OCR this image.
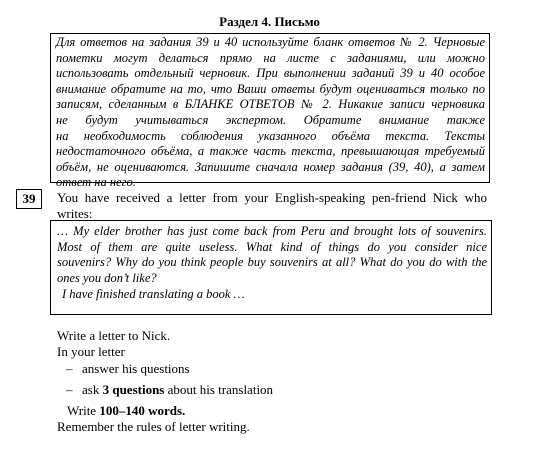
Раздел 4. Письмо
Для ответов на задания 39 и 40 используйте бланк ответов № 2. Черновые
пометки могут делаться прямо на листе с заданиями, или можно
использовать отдельный черновик. При выполнении заданий 39 и 40 особое
внимание обратите на то, что Ваши ответы будут оцениваться только по
записям, сделанным в БЛАНКЕ ОТВЕТОВ № 2. Никакие записи черновика
не будут учитываться экспертом. Обратите внимание также
на необходимость соблюдения указанного объёма текста. Тексты
недостаточного объёма, а также часть текста, превышающая требуемый
объём, не оцениваются. Запишите сначала номер задания (39, 40), а затем
ответ на него.
39	You have received a letter from your English-speaking pen-friend Nick who
writes:
… My elder brother has just come back from Peru and brought lots of souvenirs.
Most of them are quite useless. What kind of things do you consider nice
souvenirs? Why do you think people buy souvenirs at all? What do you do with the
ones you don’t like?
I have finished translating a book …
Write a letter to Nick.
In your letter
– answer his questions
– ask 3 questions about his translation
Write 100–140 words.
Remember the rules of letter writing.
